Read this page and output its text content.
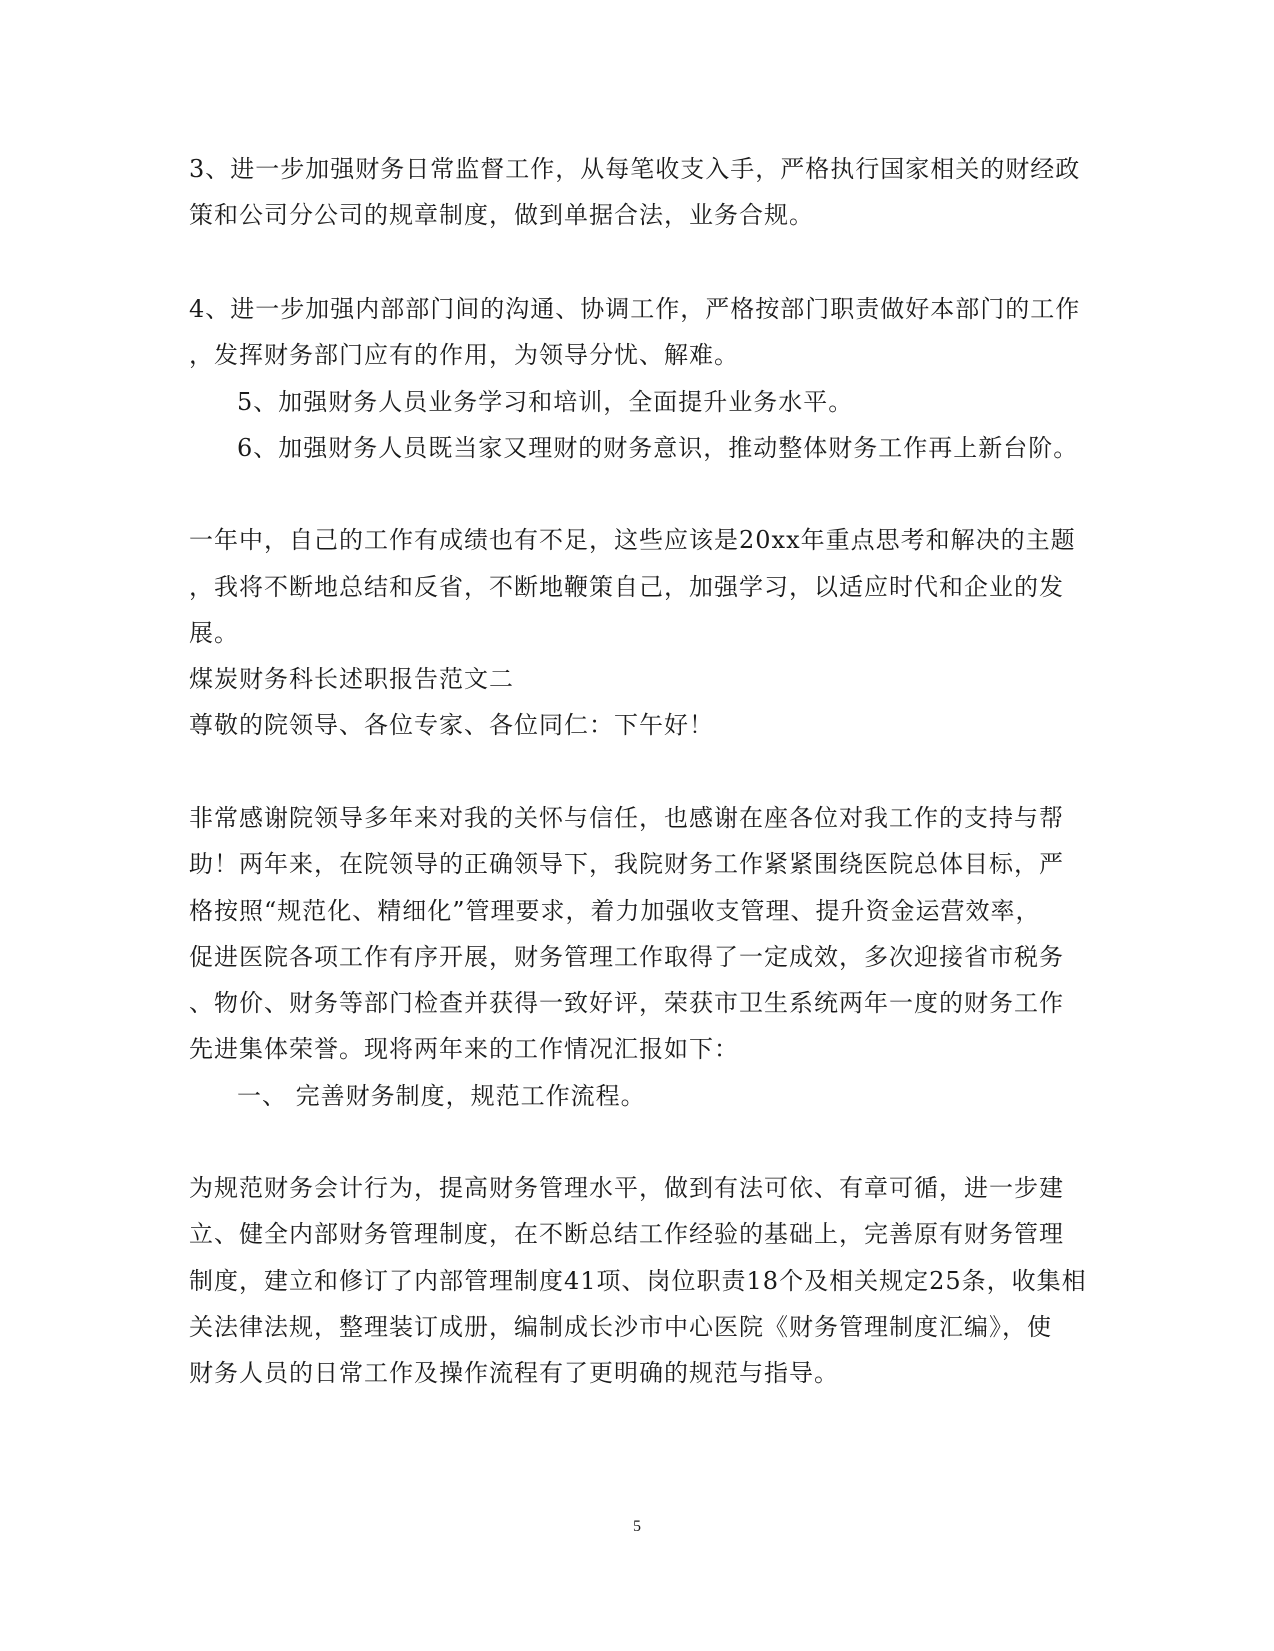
3、进一步加强财务日常监督工作，从每笔收支入手，严格执行国家相关的财经政
策和公司分公司的规章制度，做到单据合法，业务合规。
4、进一步加强内部部门间的沟通、协调工作，严格按部门职责做好本部门的工作
，发挥财务部门应有的作用，为领导分忧、解难。
5、加强财务人员业务学习和培训，全面提升业务水平。
6、加强财务人员既当家又理财的财务意识，推动整体财务工作再上新台阶。
一年中，自己的工作有成绩也有不足，这些应该是20xx年重点思考和解决的主题
，我将不断地总结和反省，不断地鞭策自己，加强学习，以适应时代和企业的发
展。
煤炭财务科长述职报告范文二
尊敬的院领导、各位专家、各位同仁：下午好！
非常感谢院领导多年来对我的关怀与信任，也感谢在座各位对我工作的支持与帮
助！两年来，在院领导的正确领导下，我院财务工作紧紧围绕医院总体目标，严
格按照“规范化、精细化”管理要求，着力加强收支管理、提升资金运营效率，
促进医院各项工作有序开展，财务管理工作取得了一定成效，多次迎接省市税务
、物价、财务等部门检查并获得一致好评，荣获市卫生系统两年一度的财务工作
先进集体荣誉。现将两年来的工作情况汇报如下：
一、 完善财务制度，规范工作流程。
为规范财务会计行为，提高财务管理水平，做到有法可依、有章可循，进一步建
立、健全内部财务管理制度，在不断总结工作经验的基础上，完善原有财务管理
制度，建立和修订了内部管理制度41项、岗位职责18个及相关规定25条，收集相
关法律法规，整理装订成册，编制成长沙市中心医院《财务管理制度汇编》，使
财务人员的日常工作及操作流程有了更明确的规范与指导。
5
